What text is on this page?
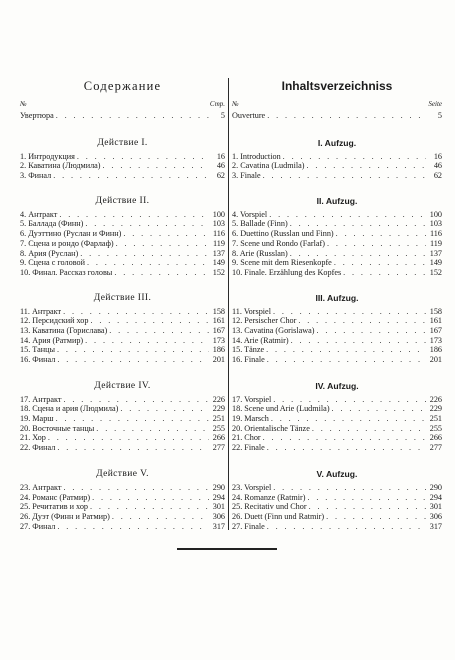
Содержание
№	Стр.
Увертюра . . .	5
Действие I.
1. Интродукция . . .	16
2. Каватина (Людмила) . . .	46
3. Финал . . .	62
Действие II.
4. Антракт . . .	100
5. Баллада (Финн) . . .	103
6. Дуэттино (Руслан и Финн) . . .	116
7. Сцена и рондо (Фарлаф) . . .	119
8. Ария (Руслан) . . .	137
9. Сцена с головой . . .	149
10. Финал. Рассказ головы . . .	152
Действие III.
11. Антракт . . .	158
12. Персидский хор . . .	161
13. Каватина (Горислава) . . .	167
14. Ария (Ратмир) . . .	173
15. Танцы . . .	186
16. Финал . . .	201
Действие IV.
17. Антракт . . .	226
18. Сцена и ария (Людмила) . . .	229
19. Марш . . .	251
20. Восточные танцы . . .	255
21. Хор . . .	266
22. Финал . . .	277
Действие V.
23. Антракт . . .	290
24. Романс (Ратмир) . . .	294
25. Речитатив и хор . . .	301
26. Дуэт (Финн и Ратмир) . . .	306
27. Финал . . .	317
Inhaltsverzeichniss
№	Seite
Ouverture . . .	5
I. Aufzug.
1. Introduction . . .	16
2. Cavatina (Ludmila) . . .	46
3. Finale . . .	62
II. Aufzug.
4. Vorspiel . . .	100
5. Ballade (Finn) . . .	103
6. Duettino (Russlan und Finn) . . .	116
7. Scene und Rondo (Farlaf) . . .	119
8. Arie (Russlan) . . .	137
9. Scene mit dem Riesenkopfe . . .	149
10. Finale. Erzählung des Kopfes . . .	152
III. Aufzug.
11. Vorspiel . . .	158
12. Persischer Chor . . .	161
13. Cavatina (Gorislawa) . . .	167
14. Arie (Ratmir) . . .	173
15. Tänze . . .	186
16. Finale . . .	201
IV. Aufzug.
17. Vorspiel . . .	226
18. Scene und Arie (Ludmila) . . .	229
19. Marsch . . .	251
20. Orientalische Tänze . . .	255
21. Chor . . .	266
22. Finale . . .	277
V. Aufzug.
23. Vorspiel . . .	290
24. Romanze (Ratmir) . . .	294
25. Recitativ und Chor . . .	301
26. Duett (Finn und Ratmir) . . .	306
27. Finale . . .	317
